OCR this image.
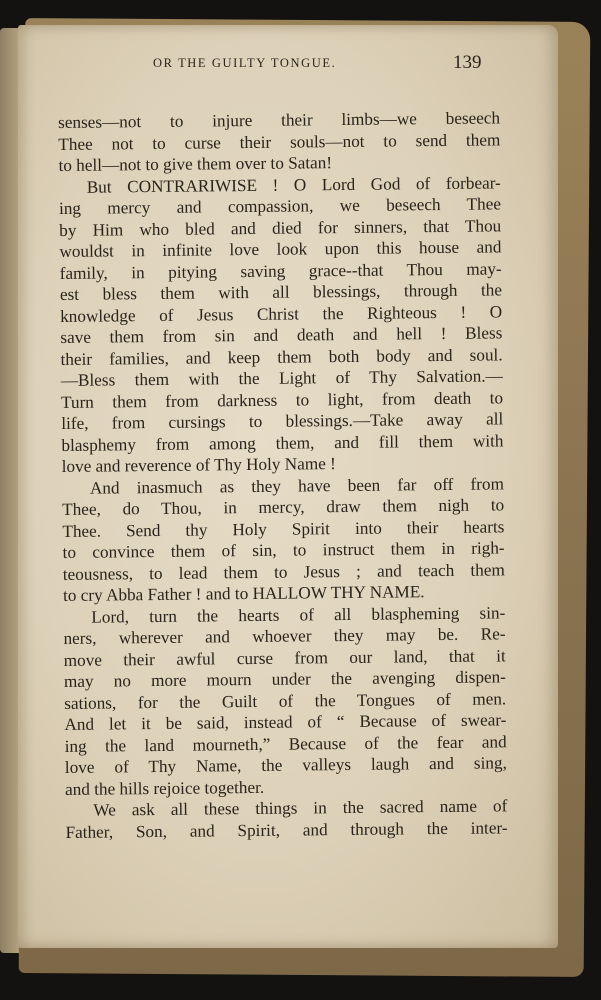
OR THE GUILTY TONGUE.	139
senses—not to injure their limbs—we beseech
Thee not to curse their souls—not to send them
to hell—not to give them over to Satan!
But CONTRARIWISE ! O Lord God of forbear-
ing mercy and compassion, we beseech Thee
by Him who bled and died for sinners, that Thou
wouldst in infinite love look upon this house and
family, in pitying saving grace--that Thou may-
est bless them with all blessings, through the
knowledge of Jesus Christ the Righteous ! O
save them from sin and death and hell ! Bless
their families, and keep them both body and soul.
—Bless them with the Light of Thy Salvation.—
Turn them from darkness to light, from death to
life, from cursings to blessings.—Take away all
blasphemy from among them, and fill them with
love and reverence of Thy Holy Name !
And inasmuch as they have been far off from
Thee, do Thou, in mercy, draw them nigh to
Thee. Send thy Holy Spirit into their hearts
to convince them of sin, to instruct them in righ-
teousness, to lead them to Jesus ; and teach them
to cry Abba Father ! and to HALLOW THY NAME.
Lord, turn the hearts of all blaspheming sin-
ners, wherever and whoever they may be. Re-
move their awful curse from our land, that it
may no more mourn under the avenging dispen-
sations, for the Guilt of the Tongues of men.
And let it be said, instead of “ Because of swear-
ing the land mourneth,” Because of the fear and
love of Thy Name, the valleys laugh and sing,
and the hills rejoice together.
We ask all these things in the sacred name of
Father, Son, and Spirit, and through the inter-
